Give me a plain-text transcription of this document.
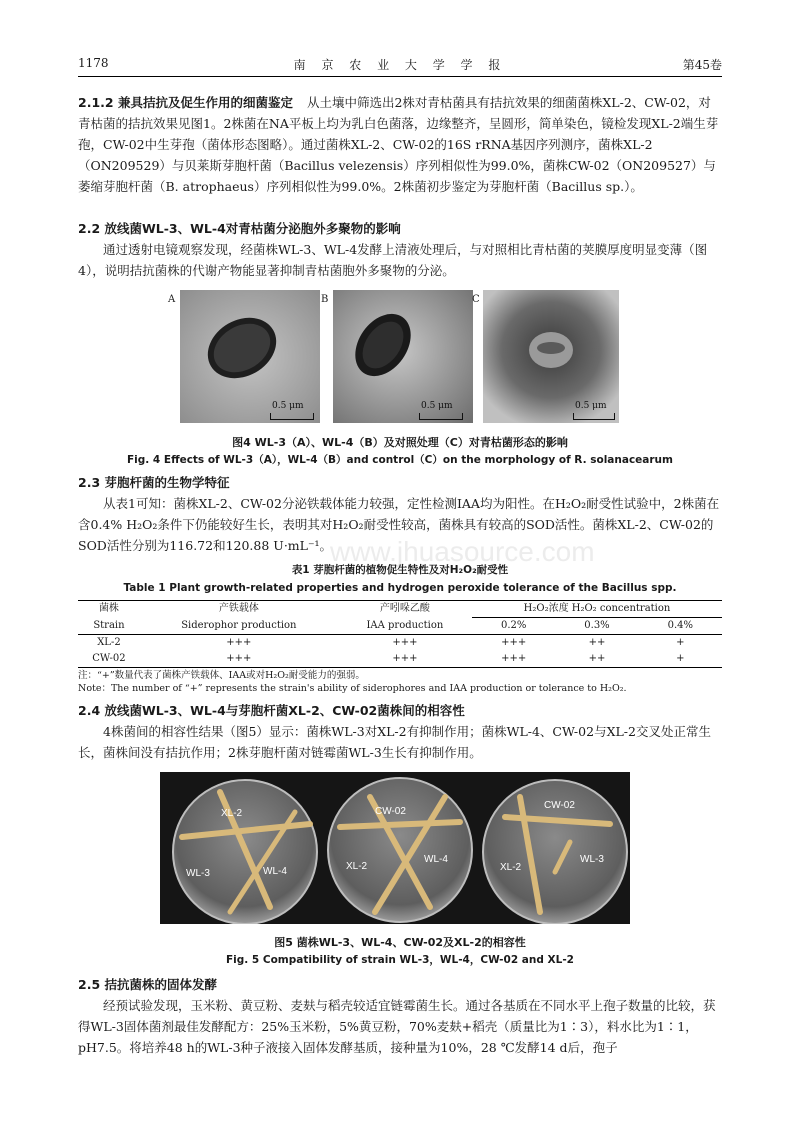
1178	南 京 农 业 大 学 学 报	第45卷
2.1.2 兼具拮抗及促生作用的细菌鉴定 从土壤中筛选出2株对青枯菌具有拮抗效果的细菌菌株XL-2、CW-02，对青枯菌的拮抗效果见图1。2株菌在NA平板上均为乳白色菌落，边缘整齐，呈圆形，简单染色，镜检发现XL-2端生芽孢，CW-02中生芽孢（菌体形态图略）。通过菌株XL-2、CW-02的16S rRNA基因序列测序，菌株XL-2（ON209529）与贝莱斯芽胞杆菌（Bacillus velezensis）序列相似性为99.0%，菌株CW-02（ON209527）与萎缩芽胞杆菌（B. atrophaeus）序列相似性为99.0%。2株菌初步鉴定为芽胞杆菌（Bacillus sp.）。
2.2 放线菌WL-3、WL-4对青枯菌分泌胞外多聚物的影响
通过透射电镜观察发现，经菌株WL-3、WL-4发酵上清液处理后，与对照相比青枯菌的荚膜厚度明显变薄（图4），说明拮抗菌株的代谢产物能显著抑制青枯菌胞外多聚物的分泌。
A
0.5 μm
B
0.5 μm
C
0.5 μm
图4 WL-3（A）、WL-4（B）及对照处理（C）对青枯菌形态的影响
Fig. 4 Effects of WL-3（A），WL-4（B）and control（C）on the morphology of R. solanacearum
2.3 芽胞杆菌的生物学特征
从表1可知：菌株XL-2、CW-02分泌铁载体能力较强，定性检测IAA均为阳性。在H₂O₂耐受性试验中，2株菌在含0.4% H₂O₂条件下仍能较好生长，表明其对H₂O₂耐受性较高，菌株具有较高的SOD活性。菌株XL-2、CW-02的SOD活性分别为116.72和120.88 U·mL⁻¹。
表1 芽胞杆菌的植物促生特性及对H₂O₂耐受性
Table 1 Plant growth-related properties and hydrogen peroxide tolerance of the Bacillus spp.
菌株	产铁载体	产吲哚乙酸	H₂O₂浓度 H₂O₂ concentration		
Strain	Siderophor production	IAA production	0.2%	0.3%	0.4%
XL-2	+++	+++	+++	++	+
CW-02	+++	+++	+++	++	+
注：“+”数量代表了菌株产铁载体、IAA或对H₂O₂耐受能力的强弱。
Note：The number of “+” represents the strain's ability of siderophores and IAA production or tolerance to H₂O₂.
2.4 放线菌WL-3、WL-4与芽胞杆菌XL-2、CW-02菌株间的相容性
4株菌间的相容性结果（图5）显示：菌株WL-3对XL-2有抑制作用；菌株WL-4、CW-02与XL-2交叉处正常生长，菌株间没有拮抗作用；2株芽胞杆菌对链霉菌WL-3生长有抑制作用。
XL-2
WL-3	WL-4
CW-02
XL-2
WL-4
CW-02
XL-2
WL-3
图5 菌株WL-3、WL-4、CW-02及XL-2的相容性
Fig. 5 Compatibility of strain WL-3，WL-4，CW-02 and XL-2
2.5 拮抗菌株的固体发酵
经预试验发现，玉米粉、黄豆粉、麦麸与稻壳较适宜链霉菌生长。通过各基质在不同水平上孢子数量的比较，获得WL-3固体菌剂最佳发酵配方：25%玉米粉，5%黄豆粉，70%麦麸+稻壳（质量比为1∶3），料水比为1∶1，pH7.5。将培养48 h的WL-3种子液接入固体发酵基质，接种量为10%，28 ℃发酵14 d后，孢子
www.jhuasource.com
